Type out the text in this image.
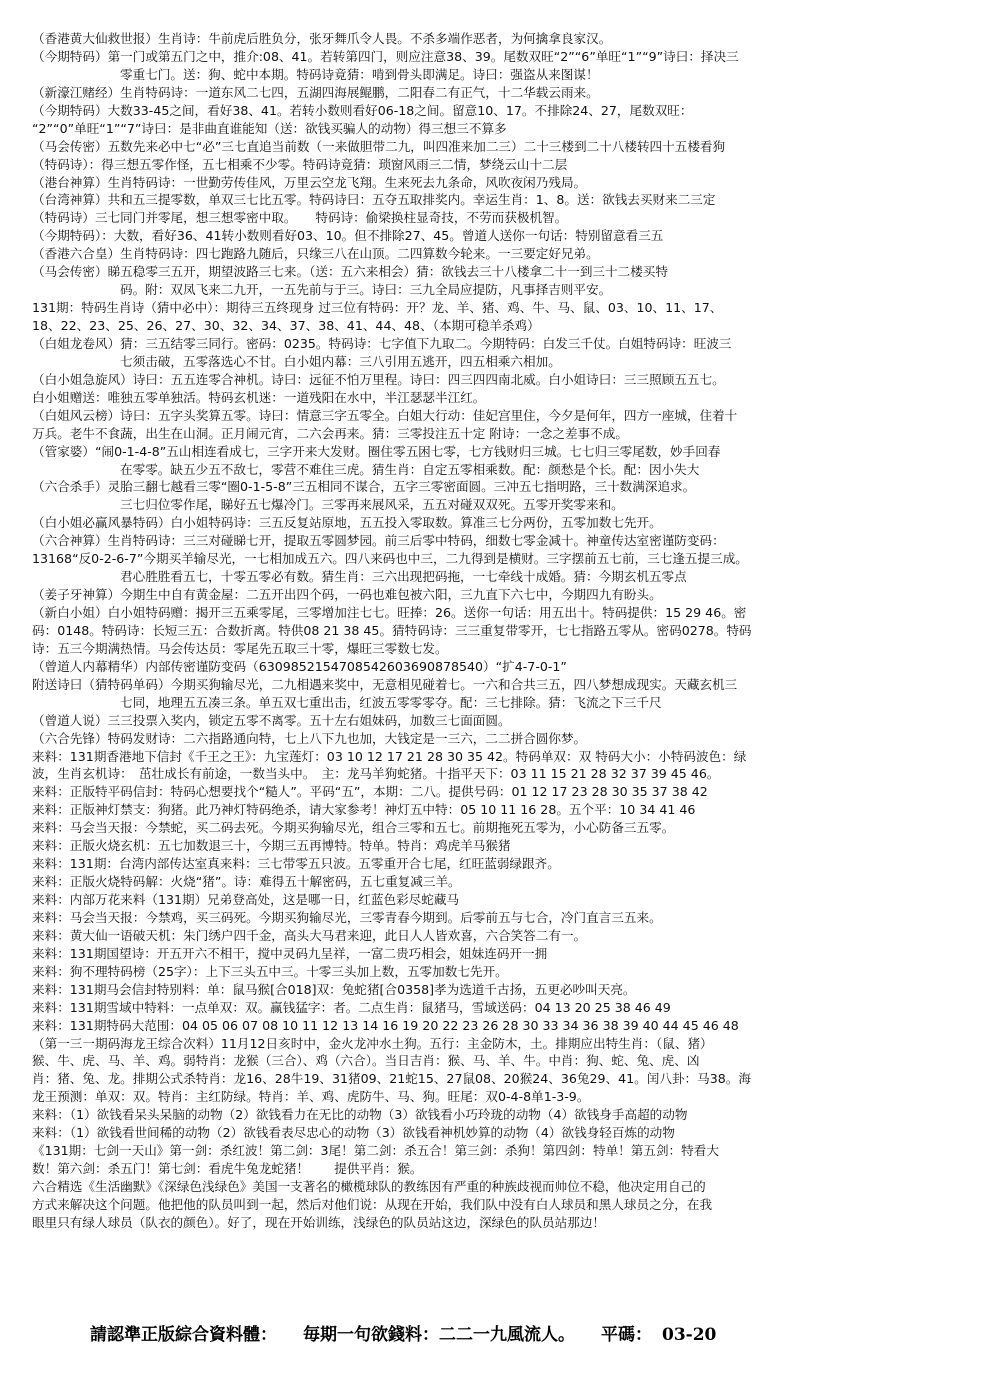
（香港黄大仙救世报）生肖诗：牛前虎后胜负分，张牙舞爪令人畏。不杀多端作恶者，为何擒拿良家汉。
（今期特码）第一门或第五门之中，推介:08、41。若转第四门，则应注意38、39。尾数双旺“2”“6”单旺“1”“9”诗曰：择决三
零重七门。送：狗、蛇中本期。特码诗竟猜：啃到骨头即满足。诗曰：强盗从来图谋！
（新濠江赌经）生肖特码诗：一道东风二七四，五湖四海展鲲鹏，二阳春二有正气，十二华载云雨来。
（今期特码）大数33-45之间，看好38、41。若转小数则看好06-18之间。留意10、17。不排除24、27，尾数双旺：
“2”“0”单旺“1”“7”诗曰：是非曲直谁能知（送：欲钱买骗人的动物）得三想三不算多
（马会传密）五数先来必中七“必”三七直追当前数（一来做胆带二九，叫四准来加二三）二十三楼到二十八楼转四十五楼看狗
（特码诗）：得三想五零作怪，五七相乘不少零。特码诗竟猜：琐窗风雨三二情，梦绕云山十二层
（港台神算）生肖特码诗：一世勤劳传佳风，万里云空龙飞翔。生来死去九条命，风吹夜闲乃残局。
（台湾神算）共和五三提零数，单双三七比五零。特码诗曰：五夺五取排奖内。幸运生肖：1、8。送：欲钱去买财来二三定
（特码诗）三七同门并零尾，想三想零密中取。　　特码诗：偷梁换柱显奇技，不劳而获极机智。
（今期特码）：大数，看好36、41转小数则看好03、10。但不排除27、45。曾道人送你一句话：特别留意看三五
（香港六合皇）生肖特码诗：四七跑路九随后，只缘三八在山顶。二四算数今轮来。一三要定好兄弟。
（马会传密）睇五稳零三五开，期望波路三七来。（送：五六来相会）猜：欲钱去三十八楼拿二十一到三十二楼买特
码。附：双凤飞来二九开，一五先前与于三。诗曰：三九全局应提防，凡事择吉则平安。
131期：特码生肖诗（猜中必中）：期待三五终现身 过三位有特码：开？龙、羊、猪、鸡、牛、马、鼠、03、10、11、17、
18、22、23、25、26、27、30、32、34、37、38、41、44、48、（本期可稳羊杀鸡）
（白姐龙卷风）猜：三五结零三同行。密码：0235。特码诗：七字值下九取二。今期特码：白发三千仗。白姐特码诗：旺波三
七须击破，五零落选心不甘。白小姐内幕：三八引用五逃开，四五相乘六相加。
（白小姐急旋风）诗曰：五五连零合神机。诗曰：远征不怕万里程。诗曰：四三四四南北威。白小姐诗曰：三三照顾五五七。
白小姐赠送：唯独五零单独活。特码玄机迷：一道残阳在水中，半江瑟瑟半江红。
（白姐风云榜）诗曰：五字头奖算五零。诗曰：情意三字五零全。白姐大行动：佳妃宫里住，今夕是何年，四方一座城，住着十
万兵。老牛不食蔬，出生在山洞。正月闹元宵，二六会再来。猜：三零投注五十定 附诗：一念之差事不成。
（管家婆）“闹0-1-4-8”五山相连看成七，三字开来大发财。圈住零五困七零，七方钱财归三城。七七归三零尾数，妙手回春
在零零。缺五少五不敌七，零营不难住三虎。猜生肖：自定五零相乘数。配：颜愁是个长。配：因小失大
（六合杀手）灵胎三翻七越看三零“圈0-1-5-8”三五相同不谋合，五字三零密面圆。三冲五七指明路，三十数满深追求。
三七归位零作尾，睇好五七爆冷门。三零再来展风采，五五对碰双双死。五零开奖零来和。
（白小姐必赢风暴特码）白小姐特码诗：三五反复站原地，五五投入零取数。算准三七分两份，五零加数七先开。
（六合神算）生肖特码诗：三三对碰睇七开，提取五零圆梦园。前三后零中特码，细数七零金减十。神童传达室密谨防变码：
13168“反0-2-6-7”今期买羊输尽光，一七相加成五六。四八来码也中三，二九得到是横财。三字摆前五七前，三七逢五提三成。
君心胜胜看五七，十零五零必有数。猜生肖：三六出现把码拖，一七牵线十成婚。猜：今期玄机五零点
（姜子牙神算）今期生中自有黄金屋：二五开出四个码，一码也难包被六阳，三九直下六七中，今期四九有盼头。
（新白小姐）白小姐特码赠：揭开三五乘零尾，三零增加注七七。旺捧：26。送你一句话：用五出十。特码提供：15 29 46。密
码：0148。特码诗：长短三五：合数折离。特供08 21 38 45。猜特码诗：三三重复带零开，七七指路五零从。密码0278。特码
诗：五三今期满热情。马会传达员：零尾先五取三十零，爆旺三零数七发。
（曾道人内幕精华）内部传密谨防变码（630985215470854260369087854​0）“扩4-7-0-1”
附送诗曰（猜特码单码）今期买狗输尽光，二九相遇来奖中，无意相见碰着七。一六和合共三五，四八梦想成现实。天藏玄机三
七同，地理五五凑三条。单五双七重出击，红波五零零零夺。配：三七排除。猜：飞流之下三千尺
（曾道人说）三三投票入奖内，锁定五零不离零。五十左右姐妹码，加数三七面面圆。
（六合先锋）特码发财诗：二六指路通向特，七上八下九也加，大钱定是一三六，二二拼合圆你梦。
来料：131期香港地下信封《千王之王》：九宝莲灯：03 10 12 17 21 28 30 35 42。特码单双：双 特码大小：小特码波色：绿
波，生肖玄机诗：　茁壮成长有前途，一数当头中。　主：龙马羊狗蛇猪。十指平天下：03 11 15 21 28 32 37 39 45 46。
来料：正版特平码信封：特码心想要找个“糙人”。平码“五”，本期：二八。提供号码：01 12 17 23 28 30 35 37 38 42
来料：正版神灯禁支：狗猪。此乃神灯特码绝杀，请大家参考！神灯五中特：05 10 11 16 28。五个平：10 34 41 46
来料：马会当天报：今禁蛇，买二码去死。今期买狗输尽光，组合三零和五七。前期拖死五零为，小心防备三五零。
来料：正版火烧玄机：五七加数退三十，今期三五再博特。特单。特肖：鸡虎羊马猴猪
来料：131期：台湾内部传达室真来料：三七带零五只波。五零重开合七尾，红旺蓝弱绿跟齐。
来料：正版火烧特码解：火烧“猪”。诗：难得五十解密码，五七重复减三羊。
来料：内部万花来料（131期）兄弟登高处，这是哪一日，红蓝色彩尽蛇藏马
来料：马会当天报：今禁鸡，买三码死。今期买狗输尽光，三零青春今期到。后零前五与七合，冷门直言三五来。
来料：黄大仙一语破天机：朱门绣户四千金，高头大马君来迎，此日人人皆欢喜，六合笑答二有一。
来料：131期国望诗：开五开六不相干，搅中灵码九呈祥，一富二贵巧相会，姐妹连码开一拥
来料：狗不理特码榜（25字）：上下三头五中三。十零三头加上数，五零加数七先开。
来料：131期马会信封特别料：单：鼠马猴[合018]双：兔蛇猪[合0358]孝为选道千古扬，五更必吵叫天亮。
来料：131期雪域中特料：一点单双：双。赢钱猛字：者。二点生肖：鼠猪马，雪域送码：04 13 20 25 38 46 49
来料：131期特码大范围：04 05 06 07 08 10 11 12 13 14 16 19 20 22 23 26 28 30 33 34 36 38 39 40 44 45 46 48
（第一三一期码海龙王综合次料）11月12日亥时中，金火龙冲水土狗。五行：主金防木，土。排期应出特生肖：（鼠、猪）
猴、牛、虎、马、羊、鸡。弱特肖：龙猴（三合）、鸡（六合）。当日吉肖：猴、马、羊、牛。中肖：狗、蛇、兔、虎、凶
肖：猪、兔、龙。排期公式杀特肖：龙16、28牛19、31猪09、21蛇15、27鼠08、20猴24、36兔29、41。闰八卦：马38。海
龙王预测：单双：双。特肖：主红防绿。特肖：羊、鸡、虎防牛、马、狗。旺尾：双0-4-8单1-3-9。
来料：（1）欲钱看呆头呆脑的动物（2）欲钱看力在无比的动物（3）欲钱看小巧玲珑的动物（4）欲钱身手高超的动物
来料：（1）欲钱看世间稀的动物（2）欲钱看表尽忠心的动物（3）欲钱看神机妙算的动物（4）欲钱身轻百炼的动物
《131期：七剑一天山》第一剑：杀红波！第二剑：3尾！第二剑：杀五合！第三剑：杀狗！第四剑：特单！第五剑：特看大
数！第六剑：杀五门！第七剑：看虎牛兔龙蛇猪！　　提供平肖：猴。
六合精选《生活幽默》《深绿色浅绿色》美国一支著名的橄榄球队的教练因有严重的种族歧视而帅位不稳，他决定用自己的
方式来解决这个问题。他把他的队员叫到一起，然后对他们说：从现在开始，我们队中没有白人球员和黑人球员之分，在我
眼里只有绿人球员（队衣的颜色）。好了，现在开始训练，浅绿色的队员站这边，深绿色的队员站那边！
請認準正版綜合資料體： 毎期一句欲錢料：二二一九風流人。 平碼： 03-20
